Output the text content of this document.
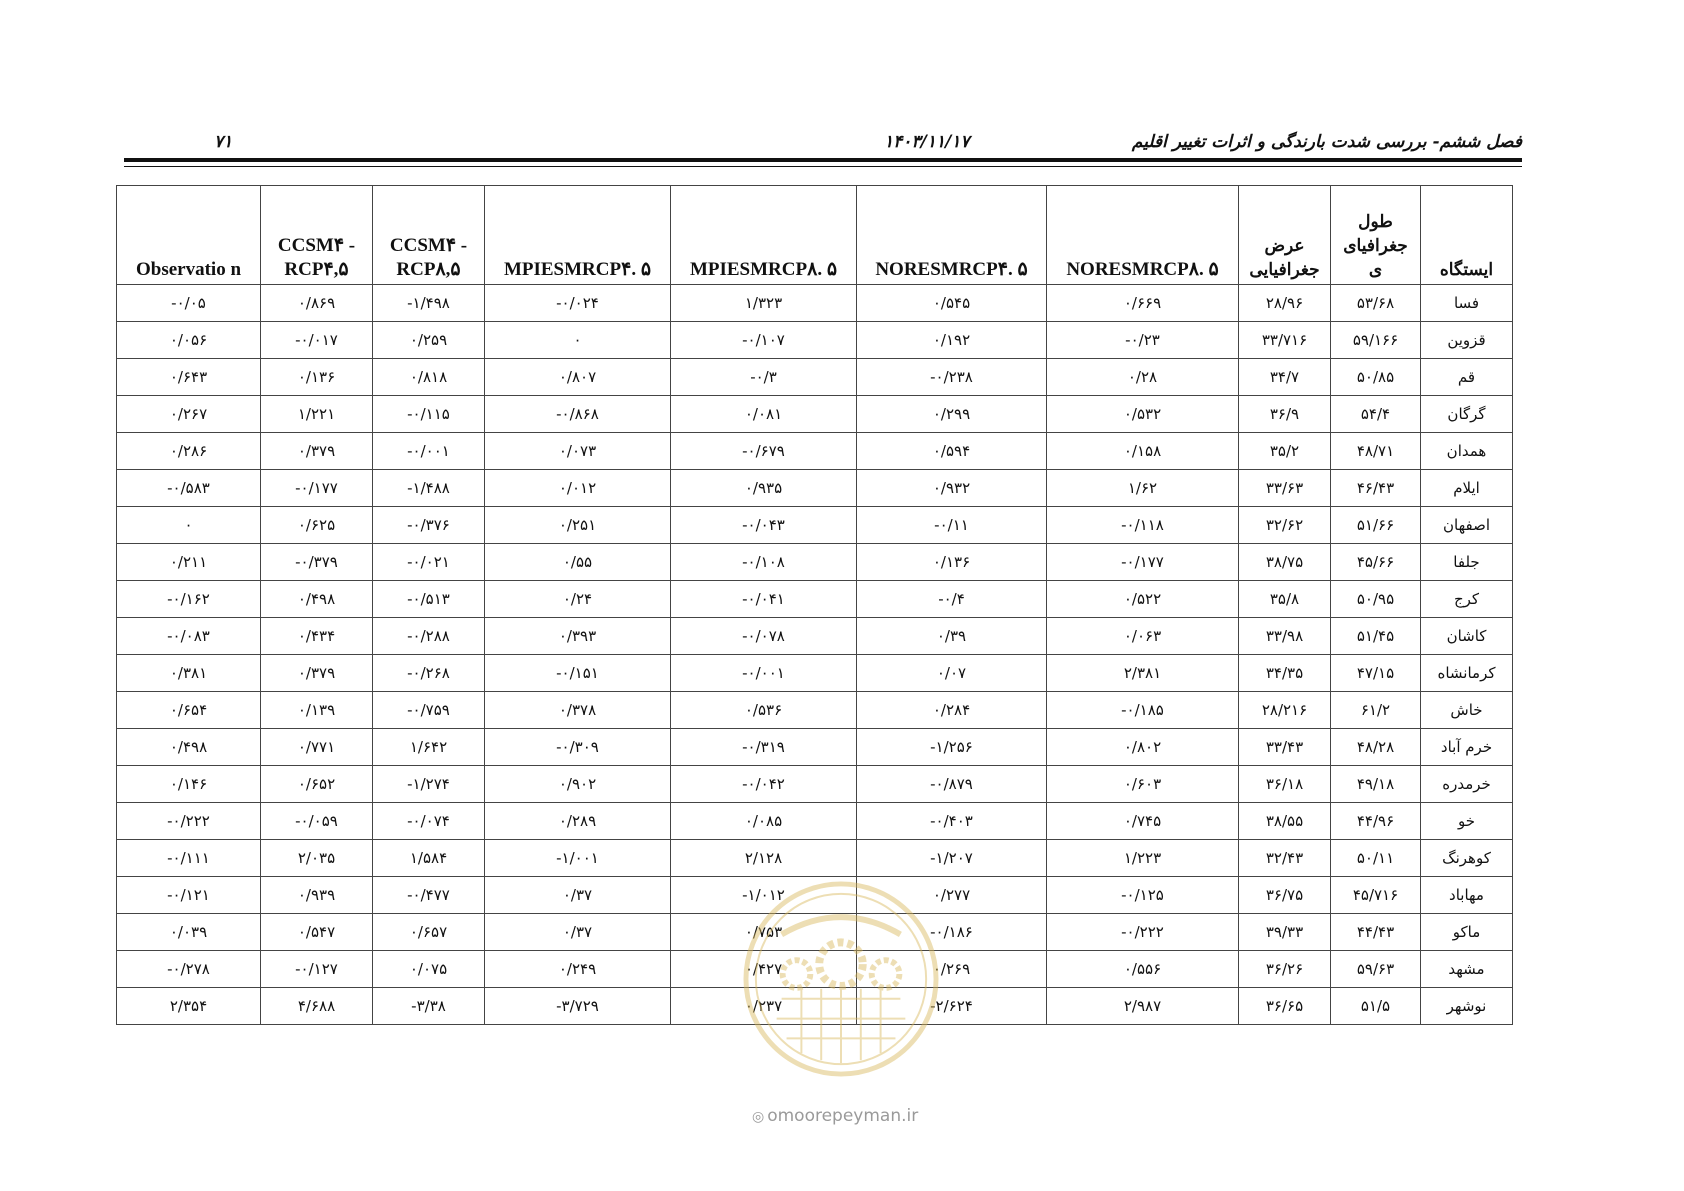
فصل ششم- بررسی شدت بارندگی و اثرات تغییر اقلیم
۱۴۰۳/۱۱/۱۷
۷۱
ایستگاه	طول جغرافیای ی	عرض جغرافیایی	NORESMRCP۸. ۵	NORESMRCP۴. ۵	MPIESMRCP۸. ۵	MPIESMRCP۴. ۵	CCSM۴ - RCP۸,۵	CCSM۴ - RCP۴,۵	Observatio n
فسا	۵۳/۶۸	۲۸/۹۶	۰/۶۶۹	۰/۵۴۵	۱/۳۲۳	-۰/۰۲۴	-۱/۴۹۸	۰/۸۶۹	-۰/۰۵
قزوین	۵۹/۱۶۶	۳۳/۷۱۶	-۰/۲۳	۰/۱۹۲	-۰/۱۰۷	۰	۰/۲۵۹	-۰/۰۱۷	۰/۰۵۶
قم	۵۰/۸۵	۳۴/۷	۰/۲۸	-۰/۲۳۸	-۰/۳	۰/۸۰۷	۰/۸۱۸	۰/۱۳۶	۰/۶۴۳
گرگان	۵۴/۴	۳۶/۹	۰/۵۳۲	۰/۲۹۹	۰/۰۸۱	-۰/۸۶۸	-۰/۱۱۵	۱/۲۲۱	۰/۲۶۷
همدان	۴۸/۷۱	۳۵/۲	۰/۱۵۸	۰/۵۹۴	-۰/۶۷۹	۰/۰۷۳	-۰/۰۰۱	۰/۳۷۹	۰/۲۸۶
ایلام	۴۶/۴۳	۳۳/۶۳	۱/۶۲	۰/۹۳۲	۰/۹۳۵	۰/۰۱۲	-۱/۴۸۸	-۰/۱۷۷	-۰/۵۸۳
اصفهان	۵۱/۶۶	۳۲/۶۲	-۰/۱۱۸	-۰/۱۱	-۰/۰۴۳	۰/۲۵۱	-۰/۳۷۶	۰/۶۲۵	۰
جلفا	۴۵/۶۶	۳۸/۷۵	-۰/۱۷۷	۰/۱۳۶	-۰/۱۰۸	۰/۵۵	-۰/۰۲۱	-۰/۳۷۹	۰/۲۱۱
کرج	۵۰/۹۵	۳۵/۸	۰/۵۲۲	-۰/۴	-۰/۰۴۱	۰/۲۴	-۰/۵۱۳	۰/۴۹۸	-۰/۱۶۲
کاشان	۵۱/۴۵	۳۳/۹۸	۰/۰۶۳	۰/۳۹	-۰/۰۷۸	۰/۳۹۳	-۰/۲۸۸	۰/۴۳۴	-۰/۰۸۳
کرمانشاه	۴۷/۱۵	۳۴/۳۵	۲/۳۸۱	۰/۰۷	-۰/۰۰۱	-۰/۱۵۱	-۰/۲۶۸	۰/۳۷۹	۰/۳۸۱
خاش	۶۱/۲	۲۸/۲۱۶	-۰/۱۸۵	۰/۲۸۴	۰/۵۳۶	۰/۳۷۸	-۰/۷۵۹	۰/۱۳۹	۰/۶۵۴
خرم آباد	۴۸/۲۸	۳۳/۴۳	۰/۸۰۲	-۱/۲۵۶	-۰/۳۱۹	-۰/۳۰۹	۱/۶۴۲	۰/۷۷۱	۰/۴۹۸
خرمدره	۴۹/۱۸	۳۶/۱۸	۰/۶۰۳	-۰/۸۷۹	-۰/۰۴۲	۰/۹۰۲	-۱/۲۷۴	۰/۶۵۲	۰/۱۴۶
خو	۴۴/۹۶	۳۸/۵۵	۰/۷۴۵	-۰/۴۰۳	۰/۰۸۵	۰/۲۸۹	-۰/۰۷۴	-۰/۰۵۹	-۰/۲۲۲
کوهرنگ	۵۰/۱۱	۳۲/۴۳	۱/۲۲۳	-۱/۲۰۷	۲/۱۲۸	-۱/۰۰۱	۱/۵۸۴	۲/۰۳۵	-۰/۱۱۱
مهاباد	۴۵/۷۱۶	۳۶/۷۵	-۰/۱۲۵	۰/۲۷۷	-۱/۰۱۲	۰/۳۷	-۰/۴۷۷	۰/۹۳۹	-۰/۱۲۱
ماکو	۴۴/۴۳	۳۹/۳۳	-۰/۲۲۲	-۰/۱۸۶	۰/۷۵۳	۰/۳۷	۰/۶۵۷	۰/۵۴۷	۰/۰۳۹
مشهد	۵۹/۶۳	۳۶/۲۶	۰/۵۵۶	۰/۲۶۹	۰/۴۲۷	۰/۲۴۹	۰/۰۷۵	-۰/۱۲۷	-۰/۲۷۸
نوشهر	۵۱/۵	۳۶/۶۵	۲/۹۸۷	-۲/۶۲۴	۰/۲۳۷	-۳/۷۲۹	-۳/۳۸	۴/۶۸۸	۲/۳۵۴
◎ omoorepeyman.ir
